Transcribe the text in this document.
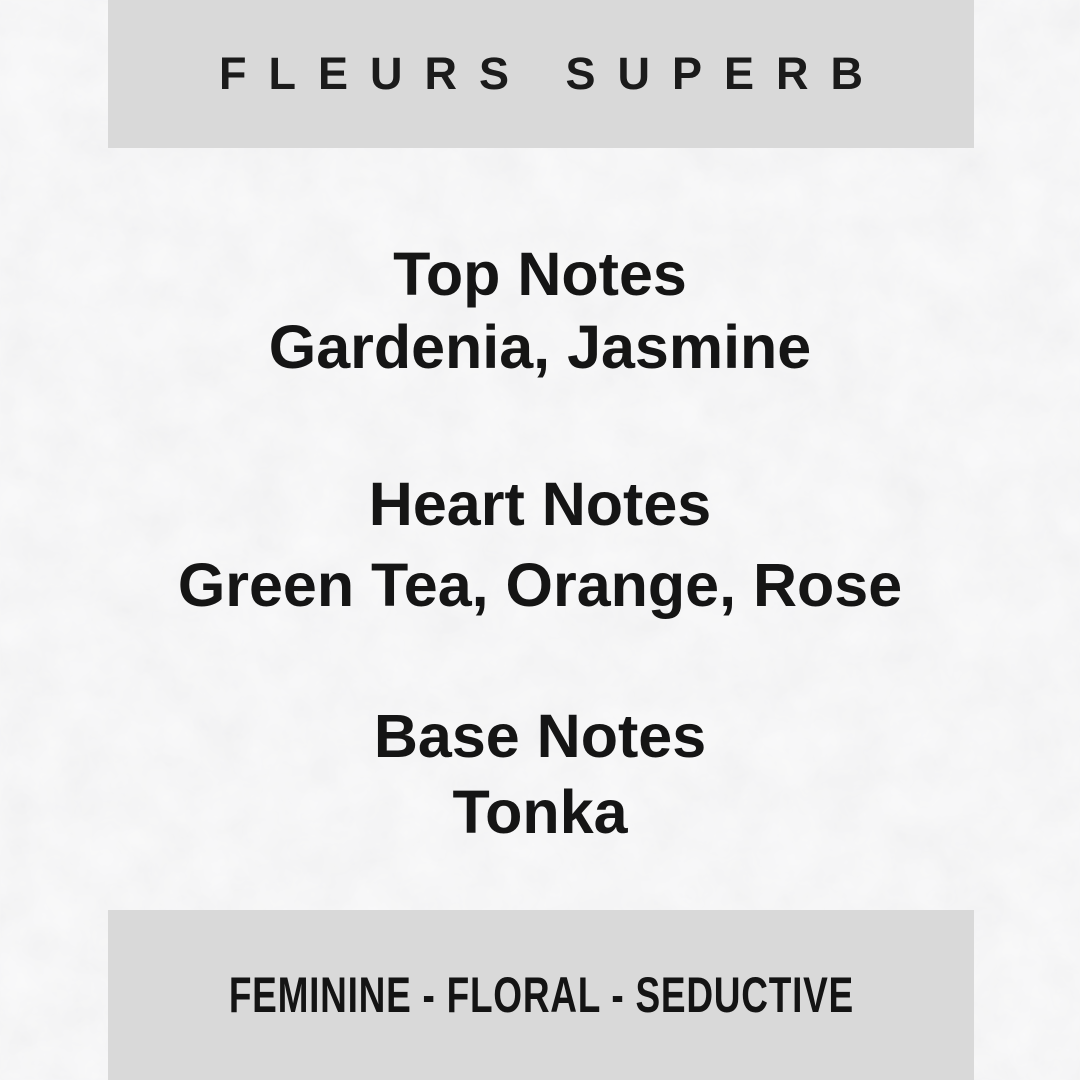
FLEURS SUPERB
Top Notes
Gardenia, Jasmine
Heart Notes
Green Tea, Orange, Rose
Base Notes
Tonka
FEMININE - FLORAL - SEDUCTIVE
